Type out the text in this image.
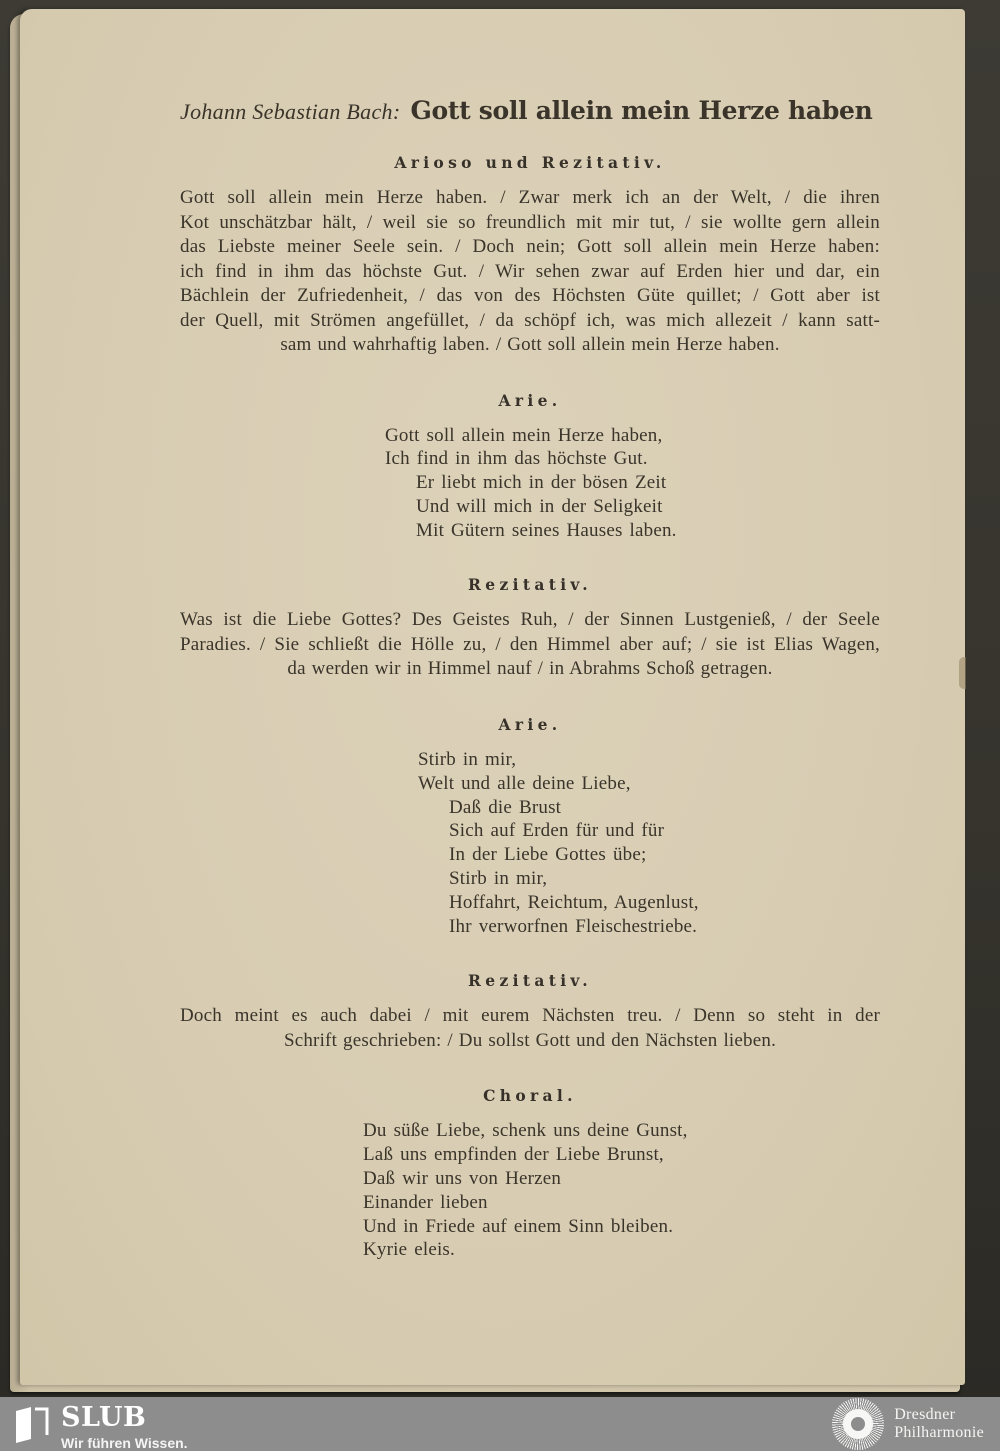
Johann Sebastian Bach: Gott soll allein mein Herze haben
Arioso und Rezitativ.
Gott soll allein mein Herze haben. / Zwar merk ich an der Welt, / die ihren
Kot unschätzbar hält, / weil sie so freundlich mit mir tut, / sie wollte gern allein
das Liebste meiner Seele sein. / Doch nein; Gott soll allein mein Herze haben:
ich find in ihm das höchste Gut. / Wir sehen zwar auf Erden hier und dar, ein
Bächlein der Zufriedenheit, / das von des Höchsten Güte quillet; / Gott aber ist
der Quell, mit Strömen angefüllet, / da schöpf ich, was mich allezeit / kann satt-
sam und wahrhaftig laben. / Gott soll allein mein Herze haben.
Arie.
Gott soll allein mein Herze haben,
Ich find in ihm das höchste Gut.
Er liebt mich in der bösen Zeit
Und will mich in der Seligkeit
Mit Gütern seines Hauses laben.
Rezitativ.
Was ist die Liebe Gottes? Des Geistes Ruh, / der Sinnen Lustgenieß, / der Seele
Paradies. / Sie schließt die Hölle zu, / den Himmel aber auf; / sie ist Elias Wagen,
da werden wir in Himmel nauf / in Abrahms Schoß getragen.
Arie.
Stirb in mir,
Welt und alle deine Liebe,
Daß die Brust
Sich auf Erden für und für
In der Liebe Gottes übe;
Stirb in mir,
Hoffahrt, Reichtum, Augenlust,
Ihr verworfnen Fleischestriebe.
Rezitativ.
Doch meint es auch dabei / mit eurem Nächsten treu. / Denn so steht in der
Schrift geschrieben: / Du sollst Gott und den Nächsten lieben.
Choral.
Du süße Liebe, schenk uns deine Gunst,
Laß uns empfinden der Liebe Brunst,
Daß wir uns von Herzen
Einander lieben
Und in Friede auf einem Sinn bleiben.
Kyrie eleis.
SLUB
Wir führen Wissen.
Dresdner
Philharmonie
